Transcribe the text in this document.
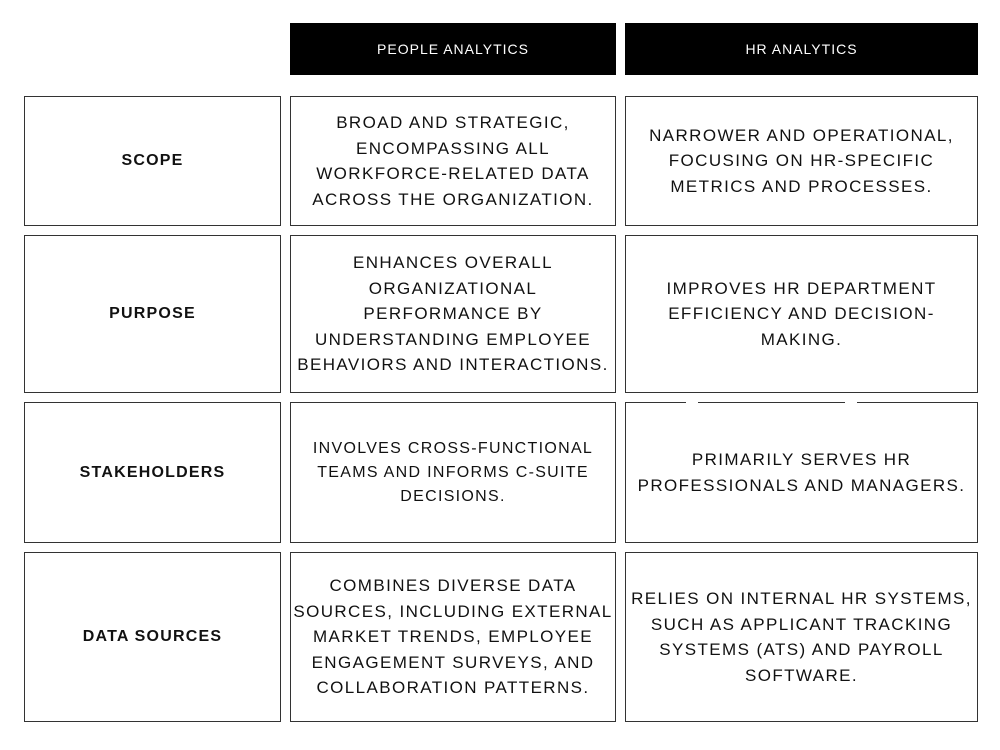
PEOPLE ANALYTICS	HR ANALYTICS
SCOPE
BROAD AND STRATEGIC, ENCOMPASSING ALL WORKFORCE-RELATED DATA ACROSS THE ORGANIZATION.
NARROWER AND OPERATIONAL, FOCUSING ON HR-SPECIFIC METRICS AND PROCESSES.
PURPOSE
ENHANCES OVERALL ORGANIZATIONAL PERFORMANCE BY UNDERSTANDING EMPLOYEE BEHAVIORS AND INTERACTIONS.
IMPROVES HR DEPARTMENT EFFICIENCY AND DECISION-MAKING.
STAKEHOLDERS
INVOLVES CROSS-FUNCTIONAL TEAMS AND INFORMS C-SUITE DECISIONS.
PRIMARILY SERVES HR PROFESSIONALS AND MANAGERS.
DATA SOURCES
COMBINES DIVERSE DATA SOURCES, INCLUDING EXTERNAL MARKET TRENDS, EMPLOYEE ENGAGEMENT SURVEYS, AND COLLABORATION PATTERNS.
RELIES ON INTERNAL HR SYSTEMS, SUCH AS APPLICANT TRACKING SYSTEMS (ATS) AND PAYROLL SOFTWARE.
